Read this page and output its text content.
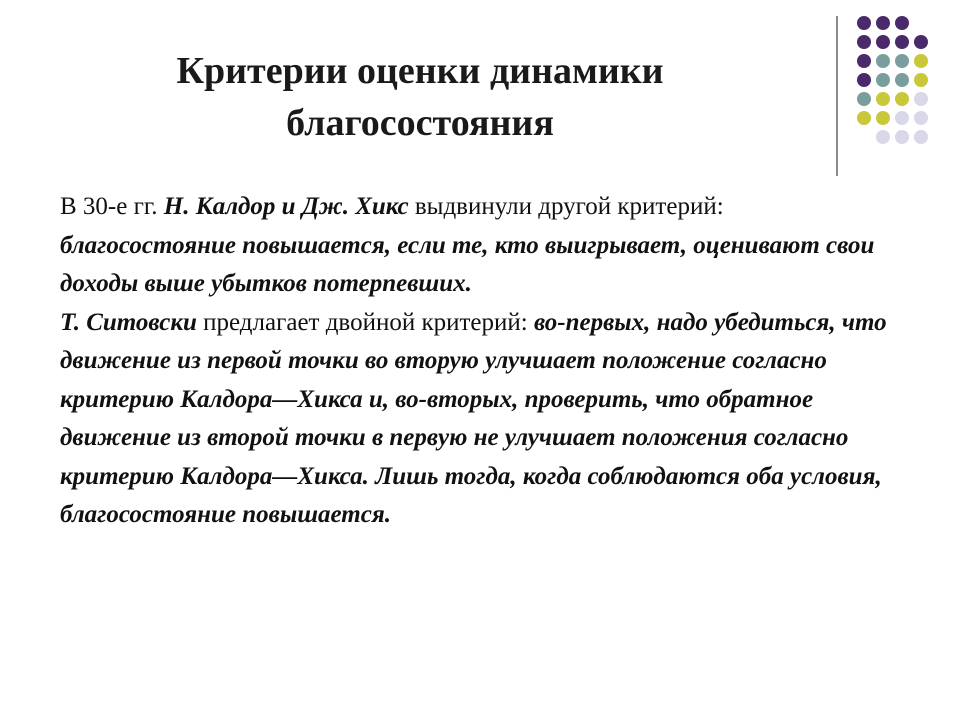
Критерии оценки динамики
благосостояния

В 30-е гг. Н. Калдор и Дж. Хикс выдвинули другой критерий: благосостояние повышается, если те, кто выигрывает, оценивают свои доходы выше убытков потерпевших.

Т. Ситовски предлагает двойной критерий: во-первых, надо убедиться, что движение из первой точки во вторую улучшает положение согласно критерию Калдора—Хикса и, во-вторых, проверить, что обратное движение из второй точки в первую не улучшает положения согласно критерию Калдора—Хикса. Лишь тогда, когда соблюдаются оба условия, благосостояние повышается.
